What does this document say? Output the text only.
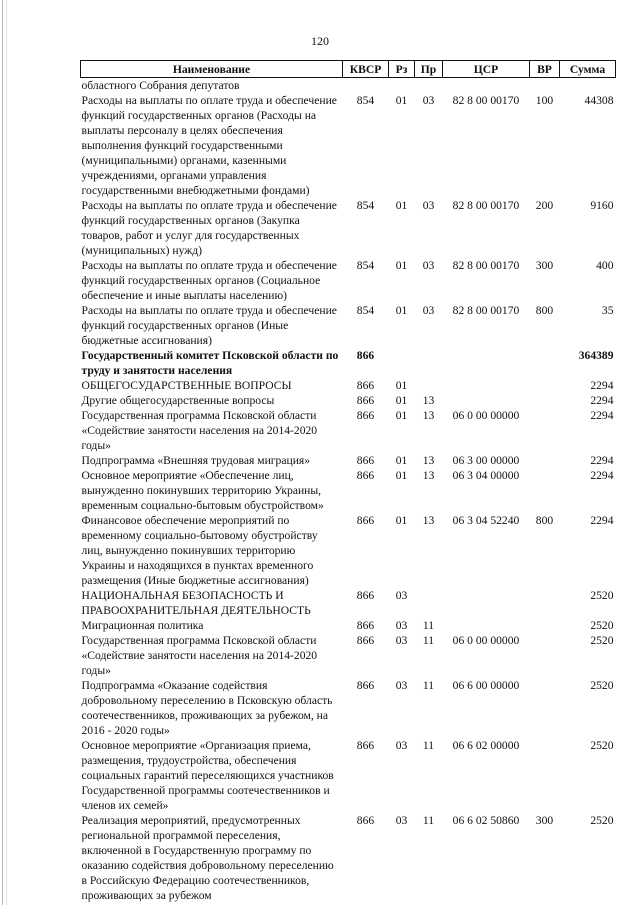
120
Наименование	КВСР	Рз	Пр	ЦСР	ВР	Сумма
областного Собрания депутатов						
Расходы на выплаты по оплате труда и обеспечение функций государственных органов (Расходы на выплаты персоналу в целях обеспечения выполнения функций государственными (муниципальными) органами, казенными учреждениями, органами управления государственными внебюджетными фондами)	854	01	03	82 8 00 00170	100	44308
Расходы на выплаты по оплате труда и обеспечение функций государственных органов (Закупка товаров, работ и услуг для государственных (муниципальных) нужд)	854	01	03	82 8 00 00170	200	9160
Расходы на выплаты по оплате труда и обеспечение функций государственных органов (Социальное обеспечение и иные выплаты населению)	854	01	03	82 8 00 00170	300	400
Расходы на выплаты по оплате труда и обеспечение функций государственных органов (Иные бюджетные ассигнования)	854	01	03	82 8 00 00170	800	35
Государственный комитет Псковской области по труду и занятости населения	866					364389
ОБЩЕГОСУДАРСТВЕННЫЕ ВОПРОСЫ	866	01				2294
Другие общегосударственные вопросы	866	01	13			2294
Государственная программа Псковской области «Содействие занятости населения на 2014-2020 годы»	866	01	13	06 0 00 00000		2294
Подпрограмма «Внешняя трудовая миграция»	866	01	13	06 3 00 00000		2294
Основное мероприятие «Обеспечение лиц, вынужденно покинувших территорию Украины, временным социально-бытовым обустройством»	866	01	13	06 3 04 00000		2294
Финансовое обеспечение мероприятий по временному социально-бытовому обустройству лиц, вынужденно покинувших территорию Украины и находящихся в пунктах временного размещения (Иные бюджетные ассигнования)	866	01	13	06 3 04 52240	800	2294
НАЦИОНАЛЬНАЯ БЕЗОПАСНОСТЬ И ПРАВООХРАНИТЕЛЬНАЯ ДЕЯТЕЛЬНОСТЬ	866	03				2520
Миграционная политика	866	03	11			2520
Государственная программа Псковской области «Содействие занятости населения на 2014-2020 годы»	866	03	11	06 0 00 00000		2520
Подпрограмма «Оказание содействия добровольному переселению в Псковскую область соотечественников, проживающих за рубежом, на 2016 - 2020 годы»	866	03	11	06 6 00 00000		2520
Основное мероприятие «Организация приема, размещения, трудоустройства, обеспечения социальных гарантий переселяющихся участников Государственной программы соотечественников и членов их семей»	866	03	11	06 6 02 00000		2520
Реализация мероприятий, предусмотренных региональной программой переселения, включенной в Государственную программу по оказанию содействия добровольному переселению в Российскую Федерацию соотечественников, проживающих за рубежом	866	03	11	06 6 02 50860	300	2520
